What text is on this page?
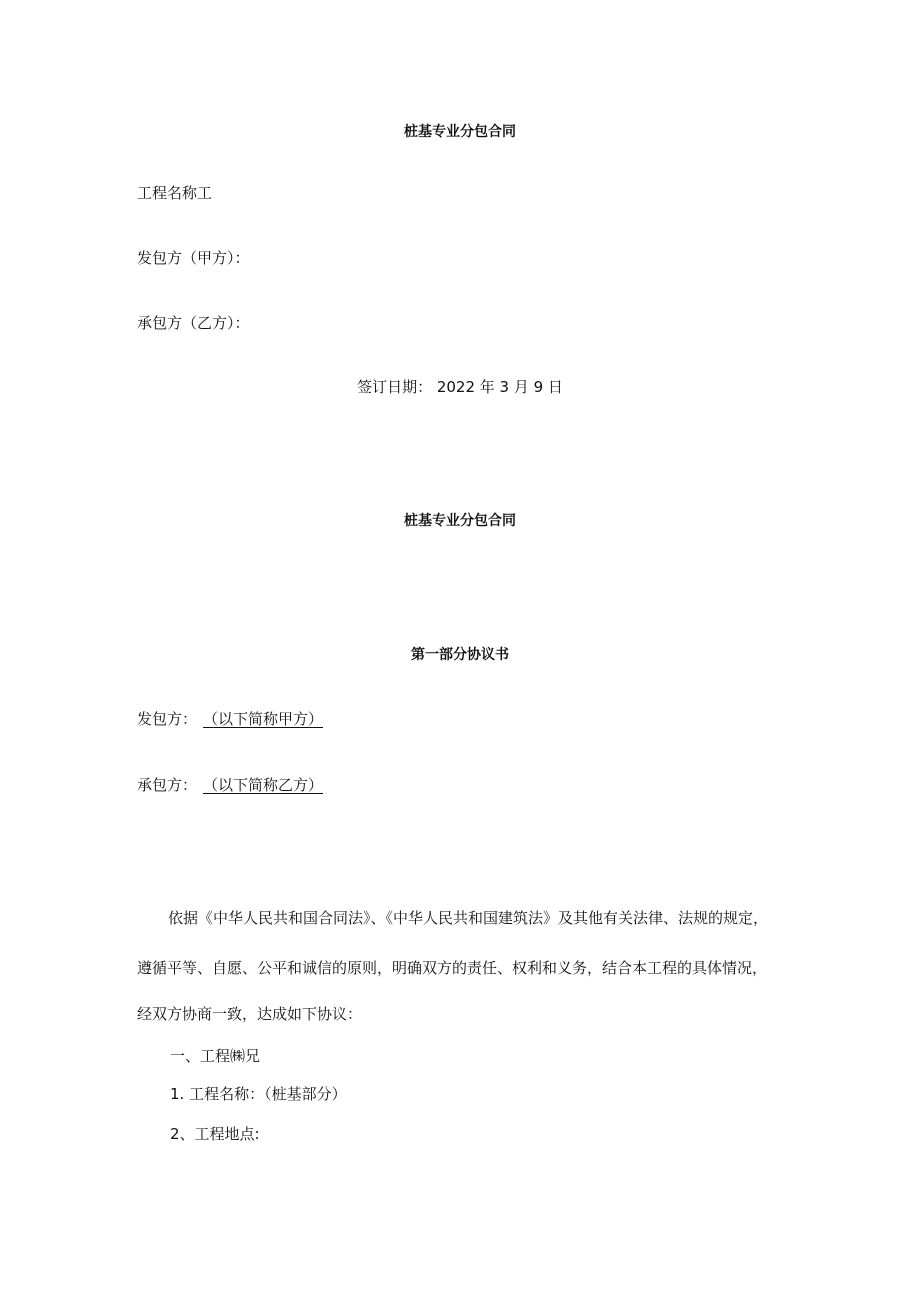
桩基专业分包合同
工程名称工
发包方（甲方）：
承包方（乙方）：
签订日期： 2022 年 3 月 9 日
桩基专业分包合同
第一部分协议书
发包方： （以下简称甲方）
承包方： （以下简称乙方）
依据《中华人民共和国合同法》、《中华人民共和国建筑法》及其他有关法律、法规的规定，
遵循平等、自愿、公平和诚信的原则，明确双方的责任、权利和义务，结合本工程的具体情况，
经双方协商一致，达成如下协议：
一、工程㈱兄
1. 工程名称：（桩基部分）
2、工程地点:
